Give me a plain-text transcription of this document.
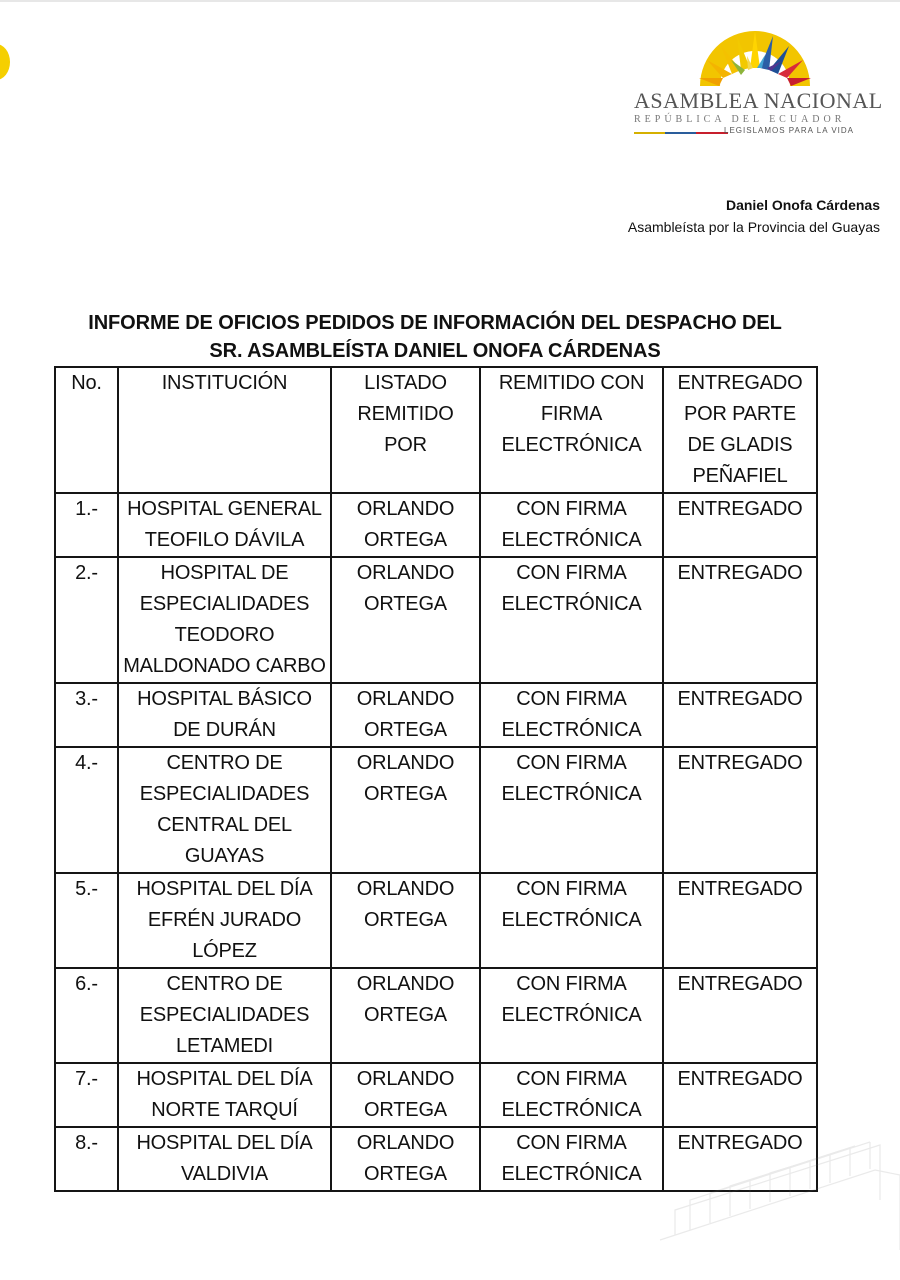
ASAMBLEA NACIONAL
REPÚBLICA DEL ECUADOR
LEGISLAMOS PARA LA VIDA
Daniel Onofa Cárdenas
Asambleísta por la Provincia del Guayas
INFORME DE OFICIOS PEDIDOS DE INFORMACIÓN DEL DESPACHO DEL
SR. ASAMBLEÍSTA DANIEL ONOFA CÁRDENAS
No.	INSTITUCIÓN	LISTADO REMITIDO POR	REMITIDO CON FIRMA ELECTRÓNICA	ENTREGADO POR PARTE DE GLADIS PEÑAFIEL
1.-	HOSPITAL GENERAL TEOFILO DÁVILA	ORLANDO ORTEGA	CON FIRMA ELECTRÓNICA	ENTREGADO
2.-	HOSPITAL DE ESPECIALIDADES TEODORO MALDONADO CARBO	ORLANDO ORTEGA	CON FIRMA ELECTRÓNICA	ENTREGADO
3.-	HOSPITAL BÁSICO DE DURÁN	ORLANDO ORTEGA	CON FIRMA ELECTRÓNICA	ENTREGADO
4.-	CENTRO DE ESPECIALIDADES CENTRAL DEL GUAYAS	ORLANDO ORTEGA	CON FIRMA ELECTRÓNICA	ENTREGADO
5.-	HOSPITAL DEL DÍA EFRÉN JURADO LÓPEZ	ORLANDO ORTEGA	CON FIRMA ELECTRÓNICA	ENTREGADO
6.-	CENTRO DE ESPECIALIDADES LETAMEDI	ORLANDO ORTEGA	CON FIRMA ELECTRÓNICA	ENTREGADO
7.-	HOSPITAL DEL DÍA NORTE TARQUÍ	ORLANDO ORTEGA	CON FIRMA ELECTRÓNICA	ENTREGADO
8.-	HOSPITAL DEL DÍA VALDIVIA	ORLANDO ORTEGA	CON FIRMA ELECTRÓNICA	ENTREGADO
